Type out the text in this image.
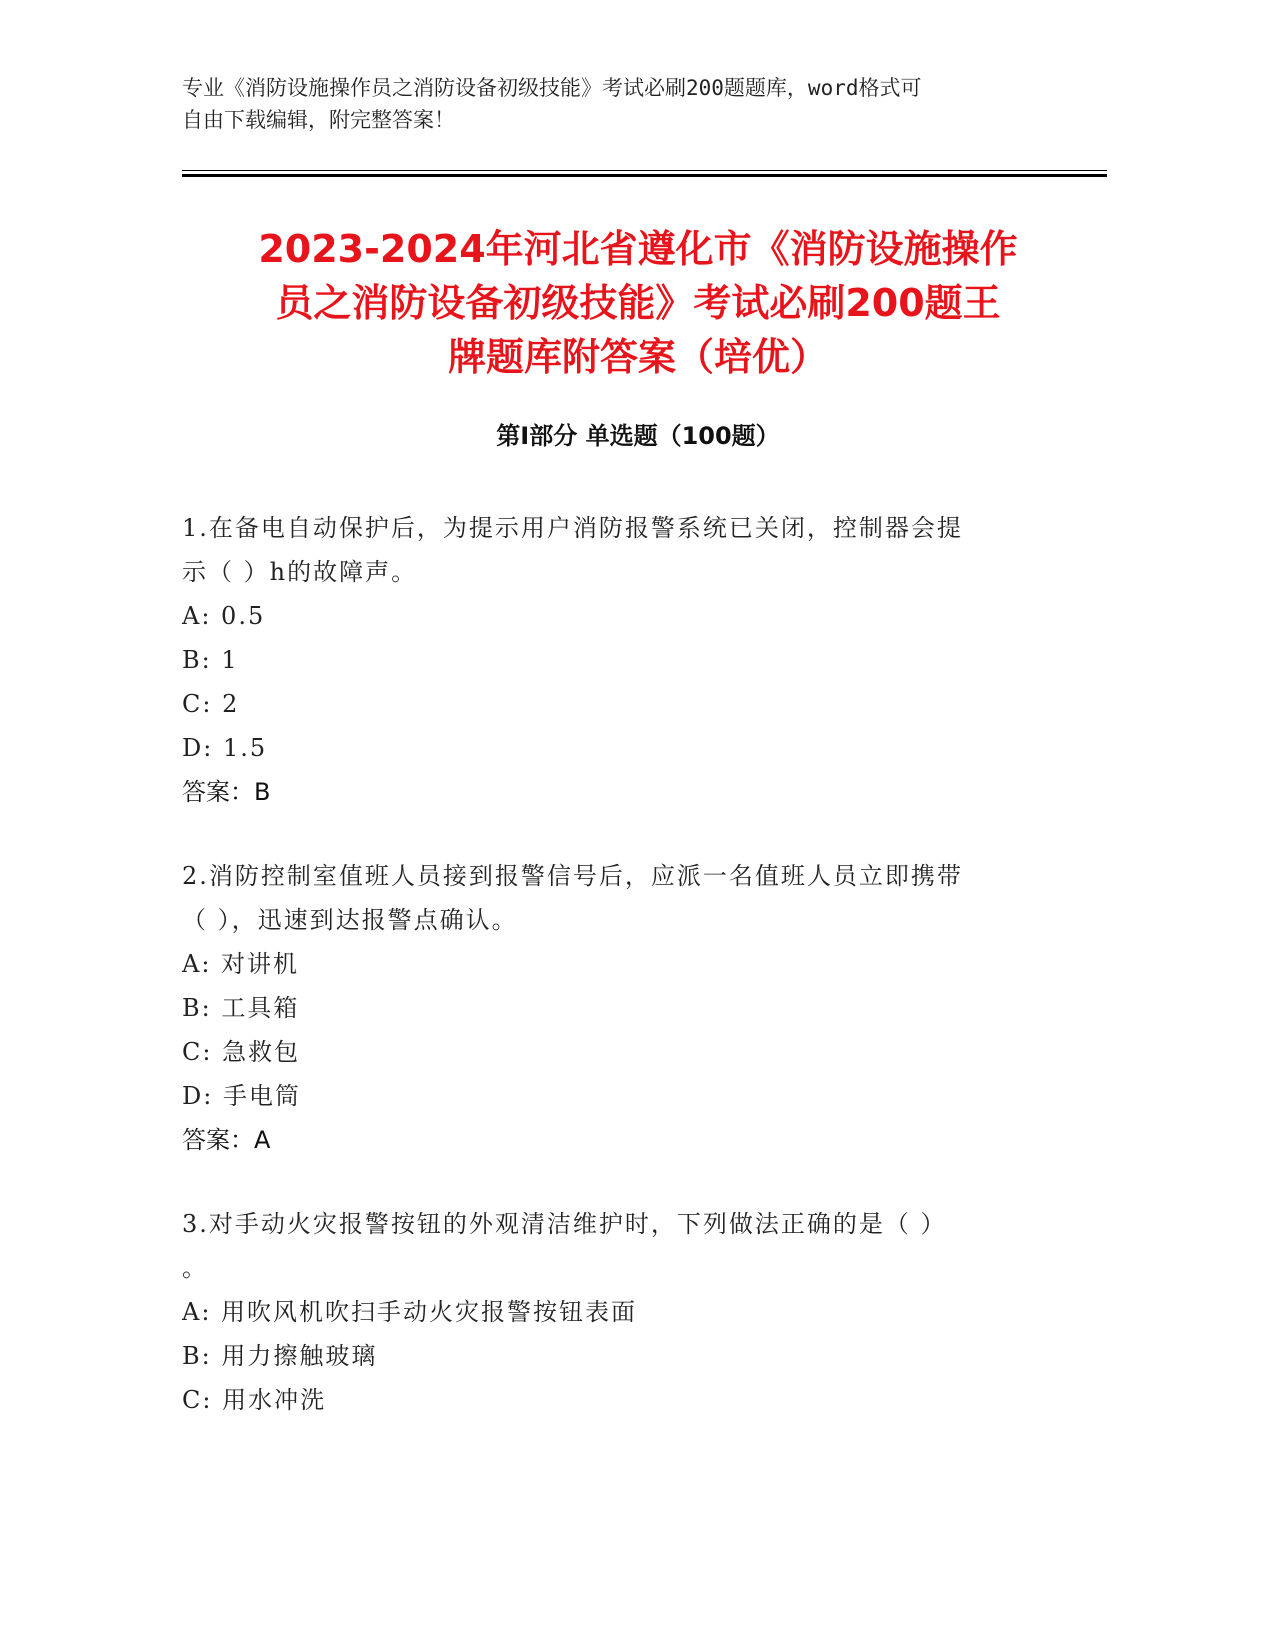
专业《消防设施操作员之消防设备初级技能》考试必刷200题题库，word格式可
自由下载编辑，附完整答案！
2023-2024年河北省遵化市《消防设施操作
员之消防设备初级技能》考试必刷200题王
牌题库附答案（培优）
第I部分 单选题（100题）

1.在备电自动保护后，为提示用户消防报警系统已关闭，控制器会提

示（ ）h的故障声。

A: 0.5

B: 1

C: 2

D: 1.5

答案：B

2.消防控制室值班人员接到报警信号后，应派一名值班人员立即携带

（ ），迅速到达报警点确认。

A: 对讲机

B: 工具箱

C: 急救包

D: 手电筒

答案：A

3.对手动火灾报警按钮的外观清洁维护时，下列做法正确的是（ ）

。

A: 用吹风机吹扫手动火灾报警按钮表面

B: 用力擦触玻璃

C: 用水冲洗
